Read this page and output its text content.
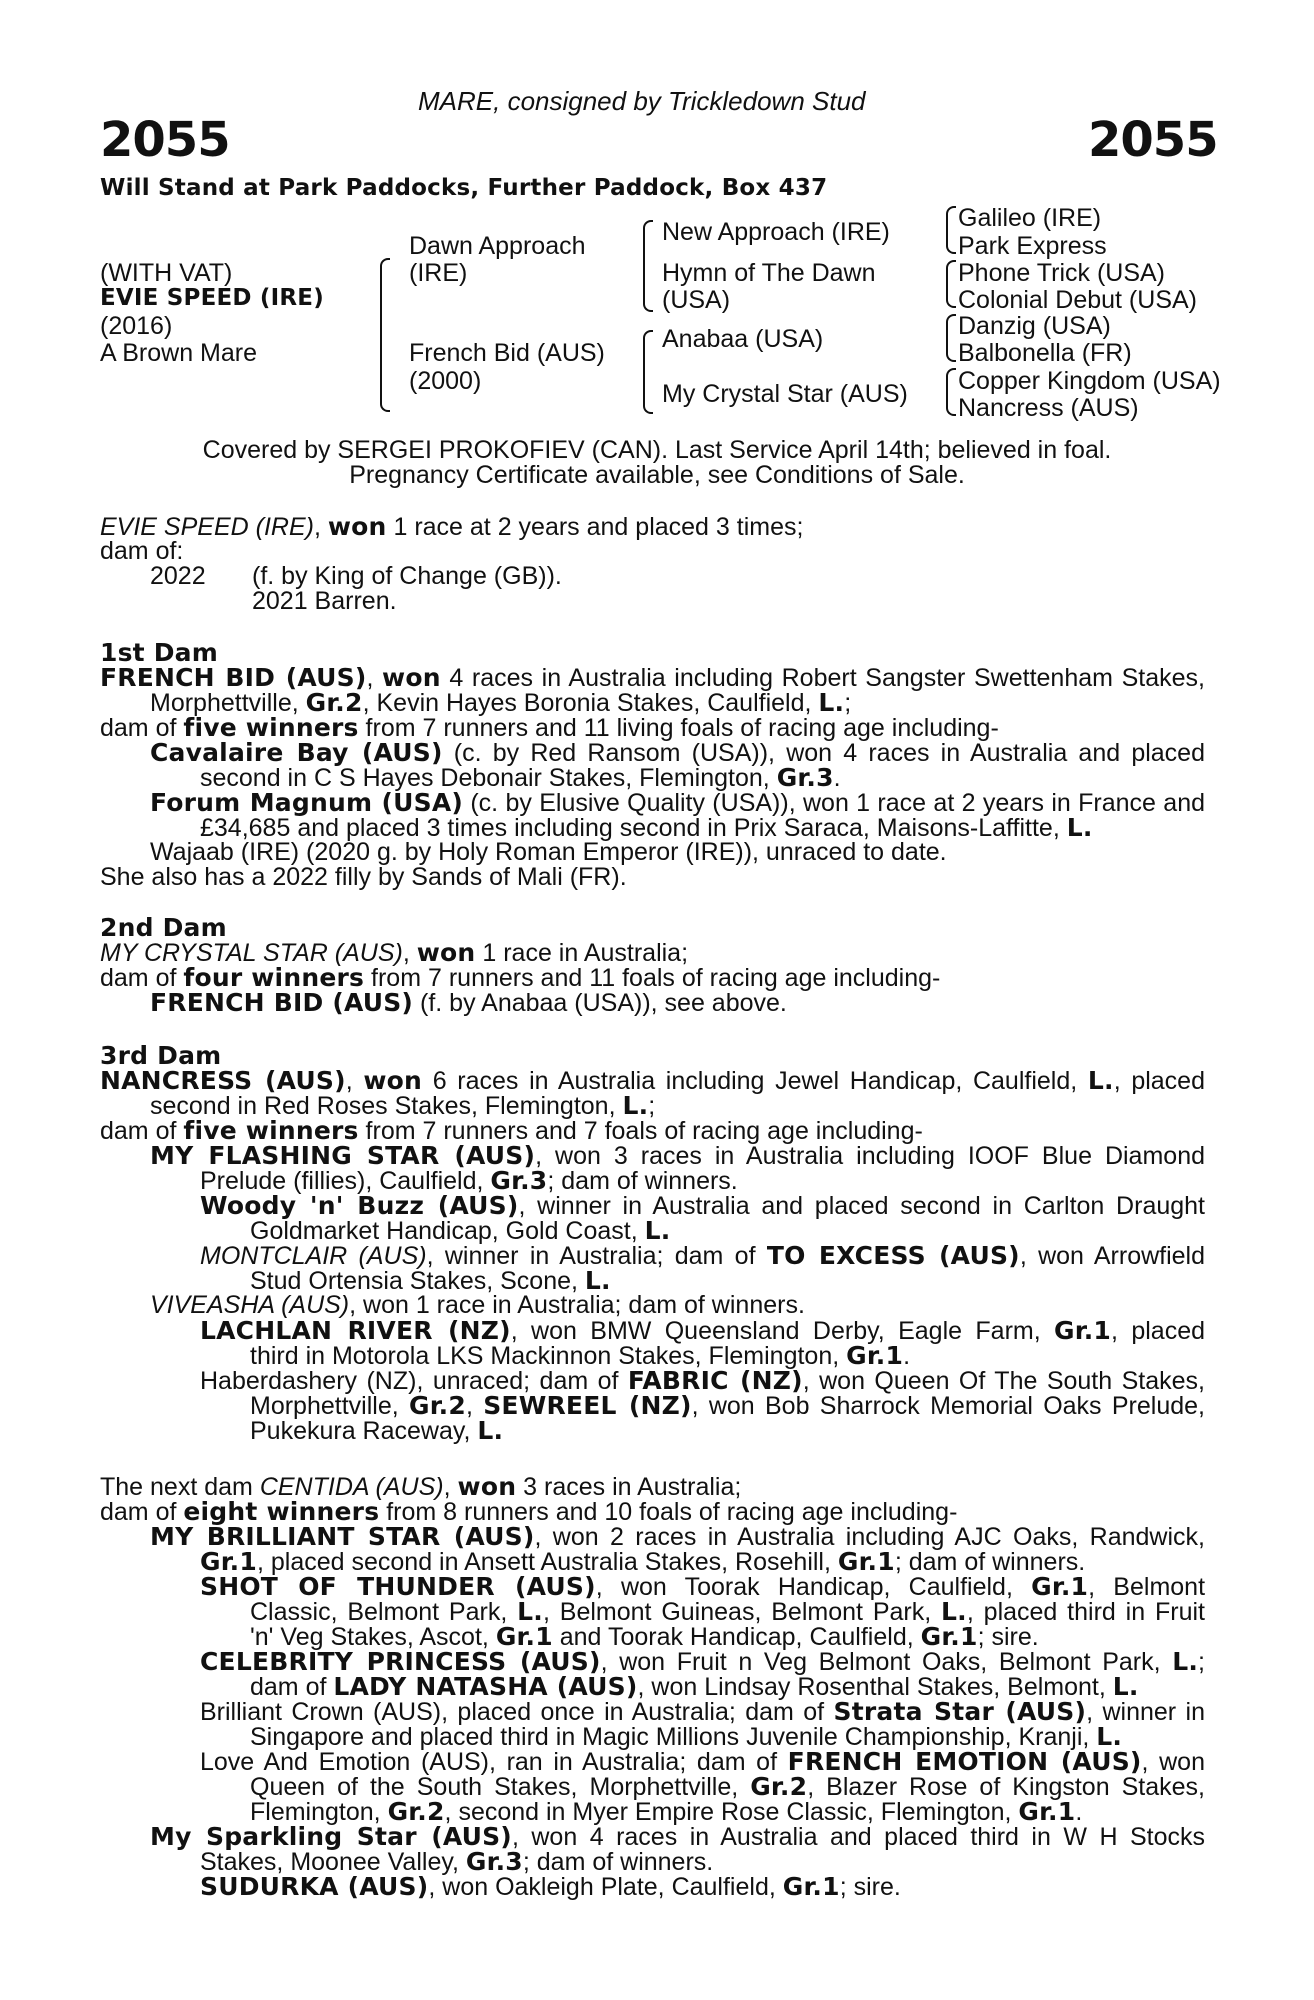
MARE, consigned by Trickledown Stud
2055	2055
Will Stand at Park Paddocks, Further Paddock, Box 437
(WITH VAT)
EVIE SPEED (IRE)
(2016)
A Brown Mare
Dawn Approach
(IRE)
French Bid (AUS)
(2000)
New Approach (IRE)
Hymn of The Dawn
(USA)
Anabaa (USA)
My Crystal Star (AUS)
Galileo (IRE)
Park Express
Phone Trick (USA)
Colonial Debut (USA)
Danzig (USA)
Balbonella (FR)
Copper Kingdom (USA)
Nancress (AUS)
Covered by SERGEI PROKOFIEV (CAN). Last Service April 14th; believed in foal.
Pregnancy Certificate available, see Conditions of Sale.
EVIE SPEED (IRE), won 1 race at 2 years and placed 3 times;
dam of:
2022 (f. by King of Change (GB)).
2021 Barren.
1st Dam
FRENCH BID (AUS), won 4 races in Australia including Robert Sangster Swettenham Stakes,
Morphettville, Gr.2, Kevin Hayes Boronia Stakes, Caulfield, L.;
dam of five winners from 7 runners and 11 living foals of racing age including-
Cavalaire Bay (AUS) (c. by Red Ransom (USA)), won 4 races in Australia and placed
second in C S Hayes Debonair Stakes, Flemington, Gr.3.
Forum Magnum (USA) (c. by Elusive Quality (USA)), won 1 race at 2 years in France and
£34,685 and placed 3 times including second in Prix Saraca, Maisons-Laffitte, L.
Wajaab (IRE) (2020 g. by Holy Roman Emperor (IRE)), unraced to date.
She also has a 2022 filly by Sands of Mali (FR).
2nd Dam
MY CRYSTAL STAR (AUS), won 1 race in Australia;
dam of four winners from 7 runners and 11 foals of racing age including-
FRENCH BID (AUS) (f. by Anabaa (USA)), see above.
3rd Dam
NANCRESS (AUS), won 6 races in Australia including Jewel Handicap, Caulfield, L., placed
second in Red Roses Stakes, Flemington, L.;
dam of five winners from 7 runners and 7 foals of racing age including-
MY FLASHING STAR (AUS), won 3 races in Australia including IOOF Blue Diamond
Prelude (fillies), Caulfield, Gr.3; dam of winners.
Woody 'n' Buzz (AUS), winner in Australia and placed second in Carlton Draught
Goldmarket Handicap, Gold Coast, L.
MONTCLAIR (AUS), winner in Australia; dam of TO EXCESS (AUS), won Arrowfield
Stud Ortensia Stakes, Scone, L.
VIVEASHA (AUS), won 1 race in Australia; dam of winners.
LACHLAN RIVER (NZ), won BMW Queensland Derby, Eagle Farm, Gr.1, placed
third in Motorola LKS Mackinnon Stakes, Flemington, Gr.1.
Haberdashery (NZ), unraced; dam of FABRIC (NZ), won Queen Of The South Stakes,
Morphettville, Gr.2, SEWREEL (NZ), won Bob Sharrock Memorial Oaks Prelude,
Pukekura Raceway, L.
The next dam CENTIDA (AUS), won 3 races in Australia;
dam of eight winners from 8 runners and 10 foals of racing age including-
MY BRILLIANT STAR (AUS), won 2 races in Australia including AJC Oaks, Randwick,
Gr.1, placed second in Ansett Australia Stakes, Rosehill, Gr.1; dam of winners.
SHOT OF THUNDER (AUS), won Toorak Handicap, Caulfield, Gr.1, Belmont
Classic, Belmont Park, L., Belmont Guineas, Belmont Park, L., placed third in Fruit
'n' Veg Stakes, Ascot, Gr.1 and Toorak Handicap, Caulfield, Gr.1; sire.
CELEBRITY PRINCESS (AUS), won Fruit n Veg Belmont Oaks, Belmont Park, L.;
dam of LADY NATASHA (AUS), won Lindsay Rosenthal Stakes, Belmont, L.
Brilliant Crown (AUS), placed once in Australia; dam of Strata Star (AUS), winner in
Singapore and placed third in Magic Millions Juvenile Championship, Kranji, L.
Love And Emotion (AUS), ran in Australia; dam of FRENCH EMOTION (AUS), won
Queen of the South Stakes, Morphettville, Gr.2, Blazer Rose of Kingston Stakes,
Flemington, Gr.2, second in Myer Empire Rose Classic, Flemington, Gr.1.
My Sparkling Star (AUS), won 4 races in Australia and placed third in W H Stocks
Stakes, Moonee Valley, Gr.3; dam of winners.
SUDURKA (AUS), won Oakleigh Plate, Caulfield, Gr.1; sire.
